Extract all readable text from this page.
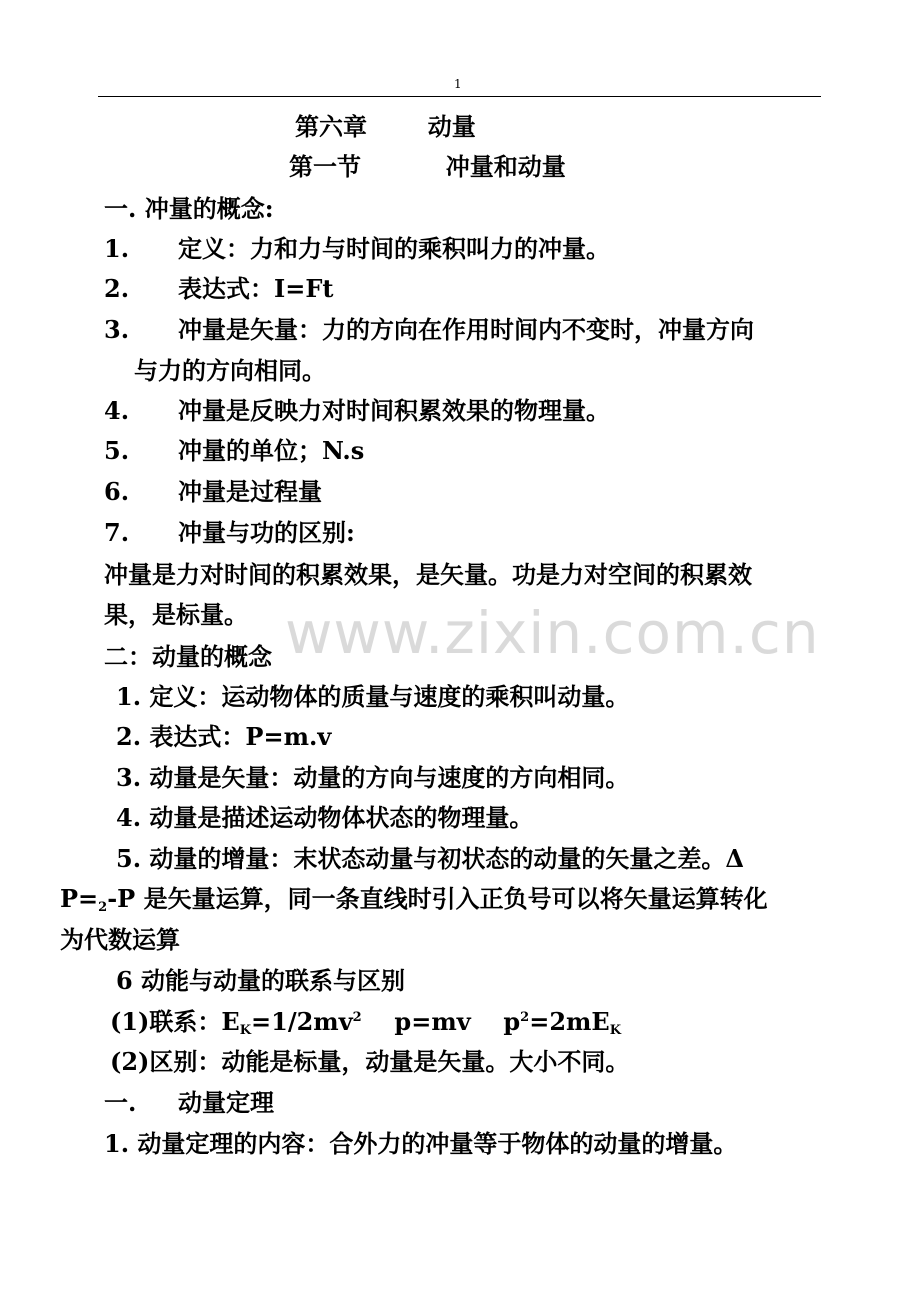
1
第六章	动量
第一节	冲量和动量
一. 冲量的概念:
1. 定义：力和力与时间的乘积叫力的冲量。
2. 表达式：I=Ft
3. 冲量是矢量：力的方向在作用时间内不变时，冲量方向
与力的方向相同。
4. 冲量是反映力对时间积累效果的物理量。
5. 冲量的单位；N.s
6. 冲量是过程量
7. 冲量与功的区别:
冲量是力对时间的积累效果，是矢量。功是力对空间的积累效
果，是标量。 www.zixin.com.cn
二：动量的概念
1. 定义：运动物体的质量与速度的乘积叫动量。
2. 表达式：P=m.v
3. 动量是矢量：动量的方向与速度的方向相同。
4. 动量是描述运动物体状态的物理量。
5. 动量的增量：末状态动量与初状态的动量的矢量之差。Δ
$P=_2-P$ 是矢量运算，同一条直线时引入正负号可以将矢量运算转化
为代数运算
6 动能与动量的联系与区别
(1)联系：$E_K=1/2mv^2$ p=mv $p^2=2mE_K$
(2)区别：动能是标量，动量是矢量。大小不同。
一. 动量定理
1. 动量定理的内容：合外力的冲量等于物体的动量的增量。
